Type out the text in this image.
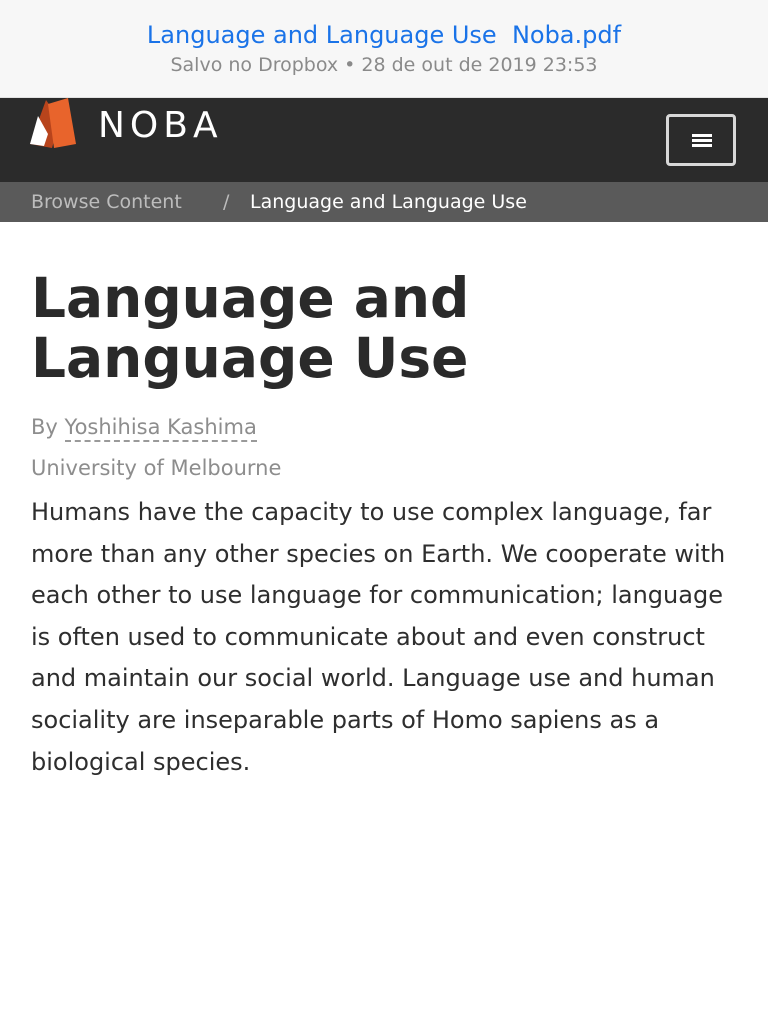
Language and Language Use  Noba.pdf
Salvo no Dropbox • 28 de out de 2019 23:53
NOBA
Browse Content / Language and Language Use
Language and Language Use
By Yoshihisa Kashima
University of Melbourne

Humans have the capacity to use complex language, far more than any other species on Earth. We cooperate with each other to use language for communication; language is often used to communicate about and even construct and maintain our social world. Language use and human sociality are inseparable parts of Homo sapiens as a biological species.
